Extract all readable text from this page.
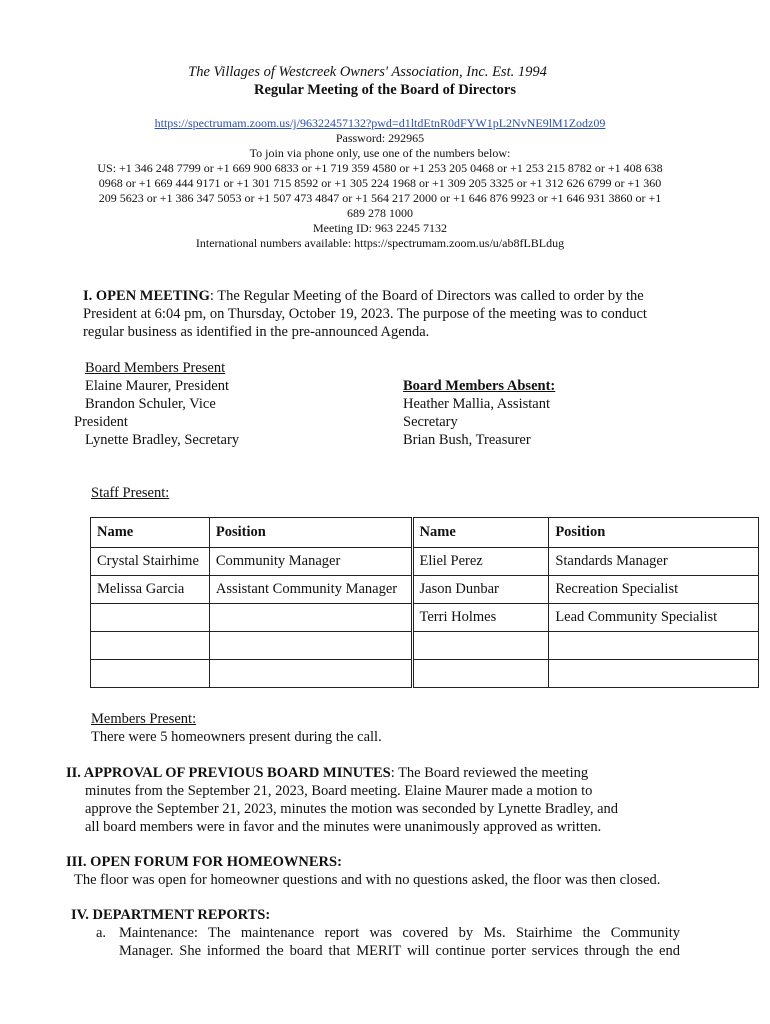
The Villages of Westcreek Owners' Association, Inc. Est. 1994
Regular Meeting of the Board of Directors
https://spectrumam.zoom.us/j/96322457132?pwd=d1ltdEtnR0dFYW1pL2NvNE9lM1Zodz09
Password: 292965
To join via phone only, use one of the numbers below:
US: +1 346 248 7799 or +1 669 900 6833 or +1 719 359 4580 or +1 253 205 0468 or +1 253 215 8782 or +1 408 638
0968 or +1 669 444 9171 or +1 301 715 8592 or +1 305 224 1968 or +1 309 205 3325 or +1 312 626 6799 or +1 360
209 5623 or +1 386 347 5053 or +1 507 473 4847 or +1 564 217 2000 or +1 646 876 9923 or +1 646 931 3860 or +1
689 278 1000
Meeting ID: 963 2245 7132
International numbers available: https://spectrumam.zoom.us/u/ab8fLBLdug
I. OPEN MEETING: The Regular Meeting of the Board of Directors was called to order by the
President at 6:04 pm, on Thursday, October 19, 2023. The purpose of the meeting was to conduct
regular business as identified in the pre-announced Agenda.
Board Members Present
Elaine Maurer, President
Brandon Schuler, Vice
President
Lynette Bradley, Secretary
Board Members Absent:
Heather Mallia, Assistant
Secretary
Brian Bush, Treasurer
Staff Present:
Name	Position	Name	Position
Crystal Stairhime	Community Manager	Eliel Perez	Standards Manager
Melissa Garcia	Assistant Community Manager	Jason Dunbar	Recreation Specialist
		Terri Holmes	Lead Community Specialist

Members Present:
There were 5 homeowners present during the call.
II. APPROVAL OF PREVIOUS BOARD MINUTES: The Board reviewed the meeting
minutes from the September 21, 2023, Board meeting. Elaine Maurer made a motion to
approve the September 21, 2023, minutes the motion was seconded by Lynette Bradley, and
all board members were in favor and the minutes were unanimously approved as written.
III. OPEN FORUM FOR HOMEOWNERS:
The floor was open for homeowner questions and with no questions asked, the floor was then closed.
IV. DEPARTMENT REPORTS:
a. Maintenance: The maintenance report was covered by Ms. Stairhime the Community
Manager. She informed the board that MERIT will continue porter services through the end
